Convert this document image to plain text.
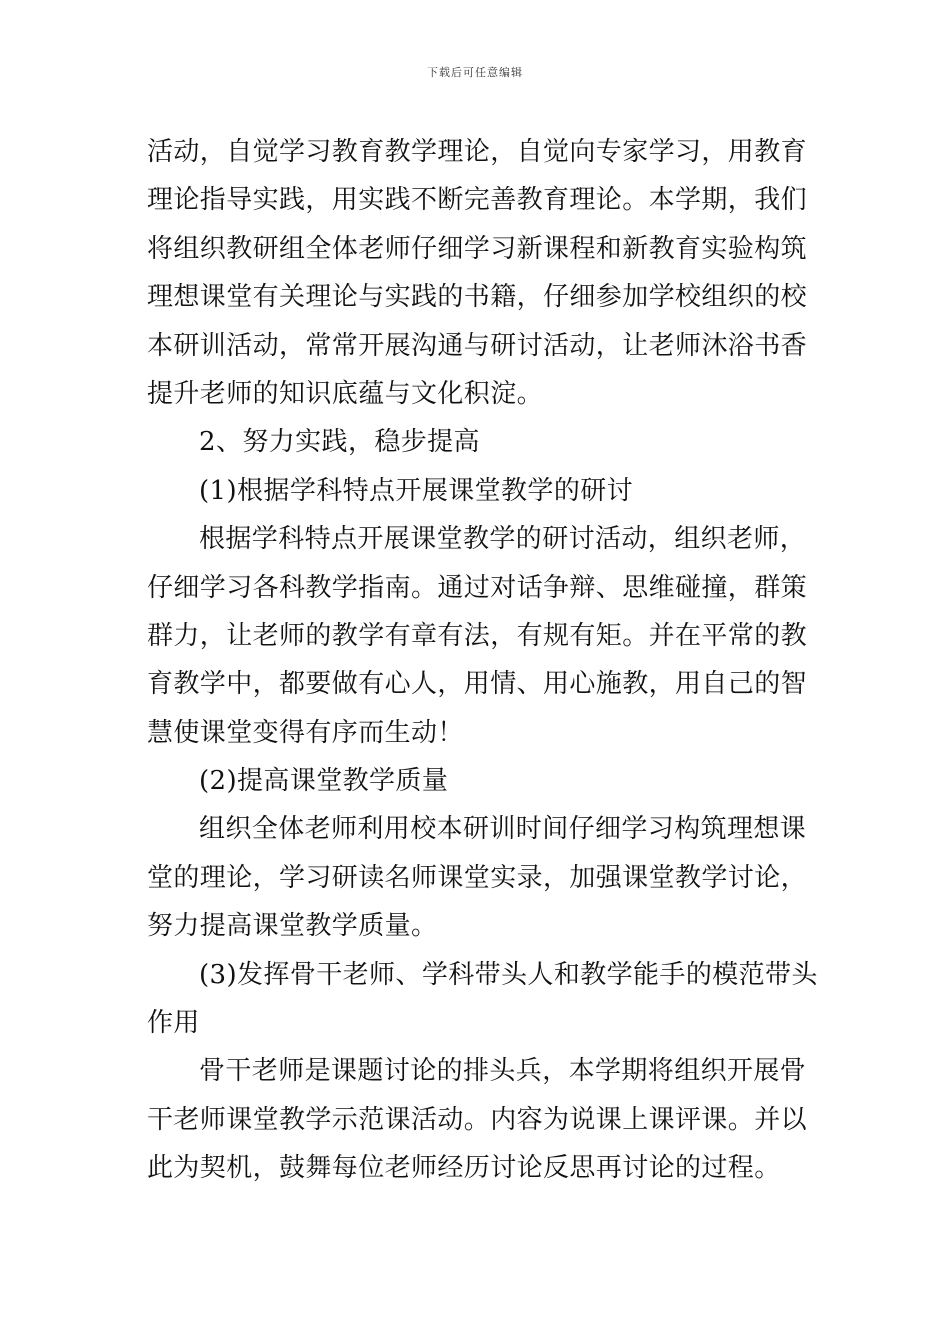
下载后可任意编辑
活动，自觉学习教育教学理论，自觉向专家学习，用教育
理论指导实践，用实践不断完善教育理论。本学期，我们
将组织教研组全体老师仔细学习新课程和新教育实验构筑
理想课堂有关理论与实践的书籍，仔细参加学校组织的校
本研训活动，常常开展沟通与研讨活动，让老师沐浴书香
提升老师的知识底蕴与文化积淀。
2、努力实践，稳步提高
(1)根据学科特点开展课堂教学的研讨
根据学科特点开展课堂教学的研讨活动，组织老师，
仔细学习各科教学指南。通过对话争辩、思维碰撞，群策
群力，让老师的教学有章有法，有规有矩。并在平常的教
育教学中，都要做有心人，用情、用心施教，用自己的智
慧使课堂变得有序而生动！
(2)提高课堂教学质量
组织全体老师利用校本研训时间仔细学习构筑理想课
堂的理论，学习研读名师课堂实录，加强课堂教学讨论，
努力提高课堂教学质量。
(3)发挥骨干老师、学科带头人和教学能手的模范带头
作用
骨干老师是课题讨论的排头兵，本学期将组织开展骨
干老师课堂教学示范课活动。内容为说课上课评课。并以
此为契机，鼓舞每位老师经历讨论反思再讨论的过程。
